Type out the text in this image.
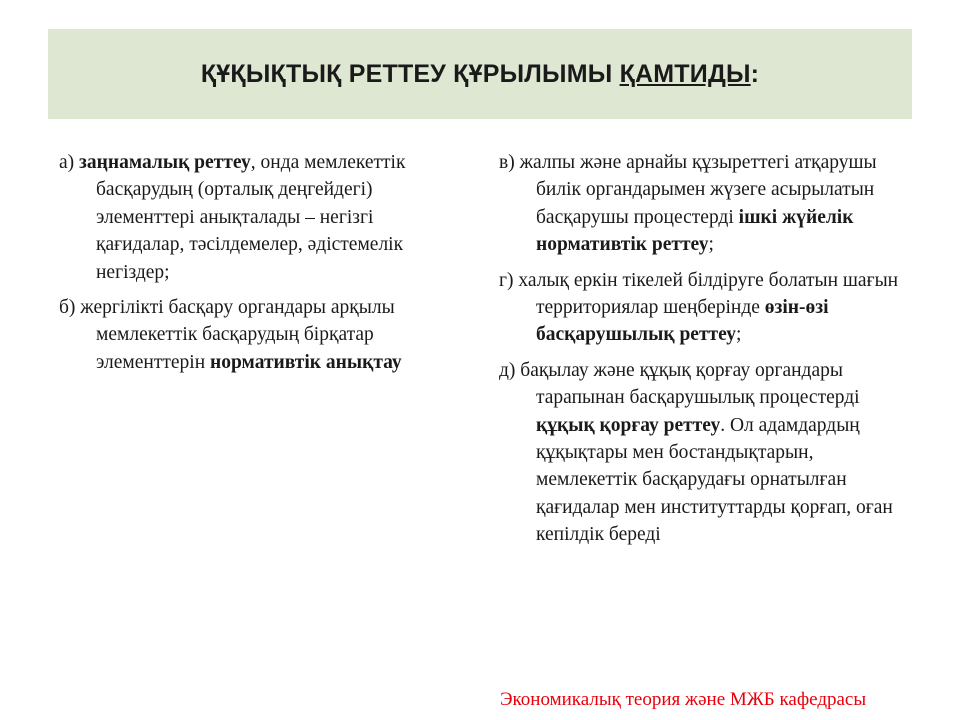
ҚҰҚЫҚТЫҚ РЕТТЕУ ҚҰРЫЛЫМЫ ҚАМТИДЫ:

а) заңнамалық реттеу, онда мемлекеттік басқарудың (орталық деңгейдегі) элементтері анықталады – негізгі қағидалар, тәсілдемелер, әдістемелік негіздер;

б) жергілікті басқару органдары арқылы мемлекеттік басқарудың бірқатар элементтерін нормативтік анықтау

в) жалпы және арнайы құзыреттегі атқарушы билік органдарымен жүзеге асырылатын басқарушы процестерді ішкі жүйелік нормативтік реттеу;

г) халық еркін тікелей білдіруге болатын шағын территориялар шеңберінде өзін-өзі басқарушылық реттеу;

д) бақылау және құқық қорғау органдары тарапынан басқарушылық процестерді құқық қорғау реттеу. Ол адамдардың құқықтары мен бостандықтарын, мемлекеттік басқарудағы орнатылған қағидалар мен институттарды қорғап, оған кепілдік береді

Экономикалық теория және МЖБ кафедрасы
